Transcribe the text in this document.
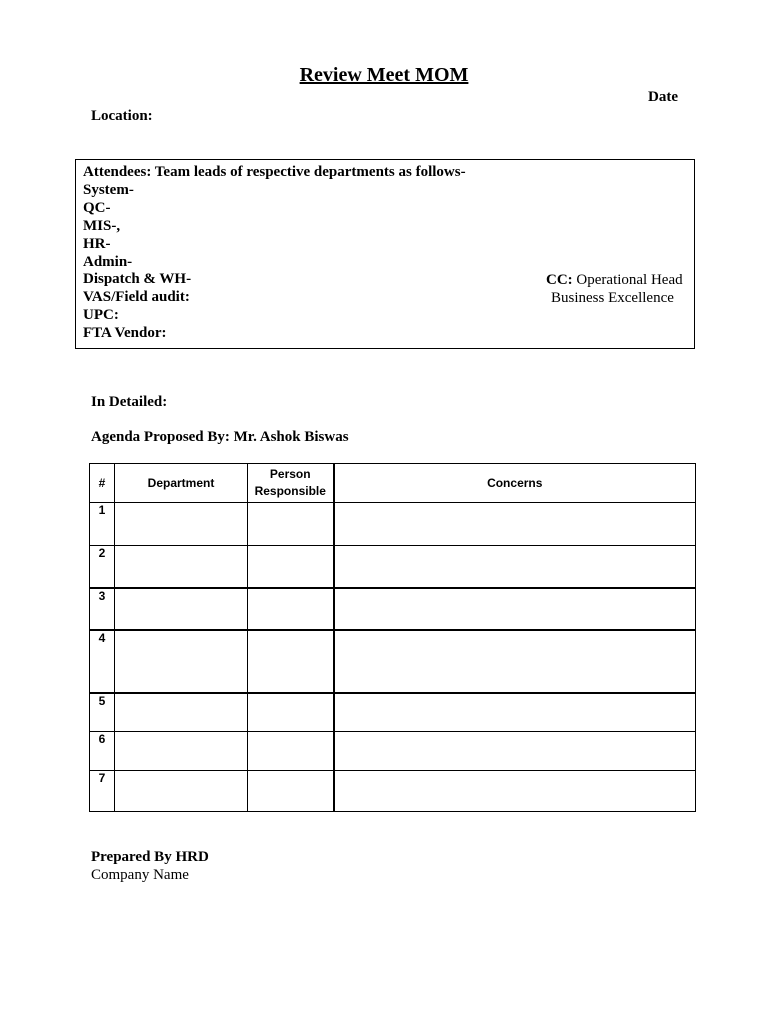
Review Meet MOM
Date
Location:
Attendees: Team leads of respective departments as follows-
System-
QC-
MIS-,
HR-
Admin-
Dispatch & WH-
VAS/Field audit:
UPC:
FTA Vendor:
CC: Operational Head
Business Excellence
In Detailed:
Agenda Proposed By: Mr. Ashok Biswas
#	Department	Person Responsible	Concerns
1			
2			
3			
4			
5			
6			
7			
Prepared By HRD
Company Name
